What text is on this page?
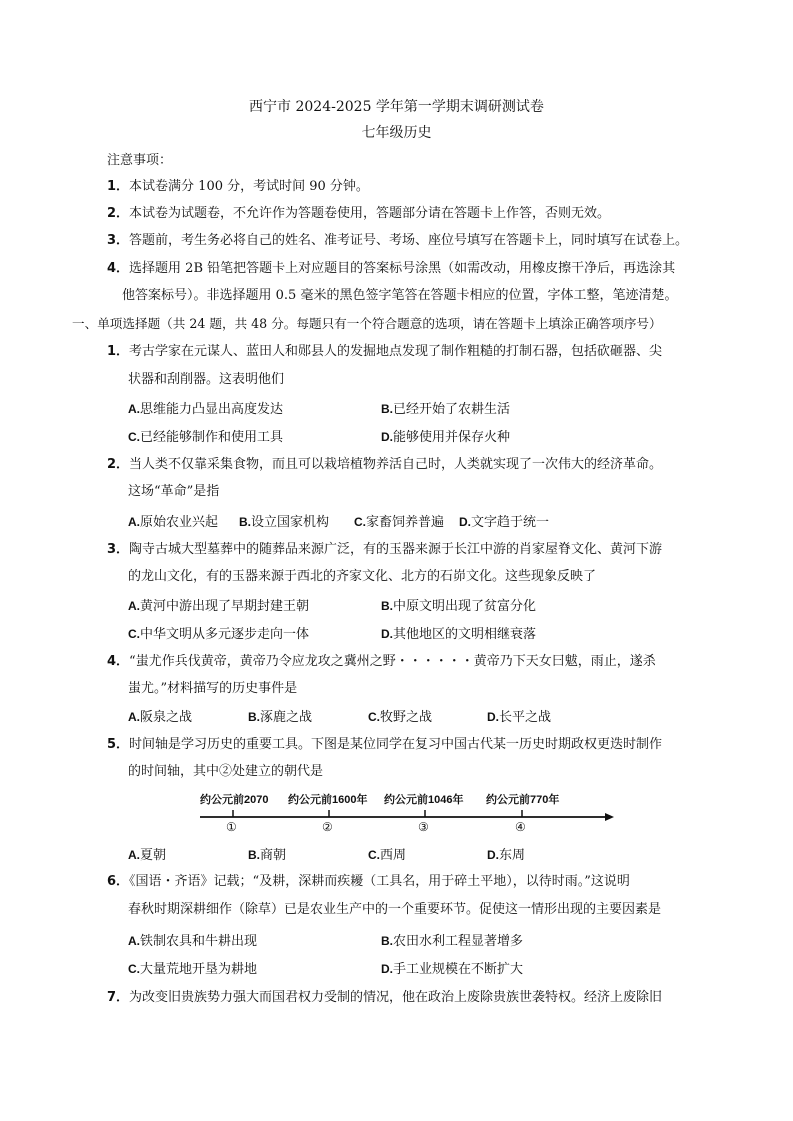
西宁市 2024-2025 学年第一学期末调研测试卷
七年级历史
注意事项：
1．本试卷满分 100 分，考试时间 90 分钟。
2．本试卷为试题卷，不允许作为答题卷使用，答题部分请在答题卡上作答，否则无效。
3．答题前，考生务必将自己的姓名、准考证号、考场、座位号填写在答题卡上，同时填写在试卷上。
4．选择题用 2B 铅笔把答题卡上对应题目的答案标号涂黑（如需改动，用橡皮擦干净后，再选涂其
他答案标号）。非选择题用 0.5 毫米的黑色签字笔答在答题卡相应的位置，字体工整，笔迹清楚。
一、单项选择题（共 24 题，共 48 分。每题只有一个符合题意的选项，请在答题卡上填涂正确答项序号）
1．考古学家在元谋人、蓝田人和郧县人的发掘地点发现了制作粗糙的打制石器，包括砍砸器、尖
状器和刮削器。这表明他们
A.思维能力凸显出高度发达	B.已经开始了农耕生活
C.已经能够制作和使用工具	D.能够使用并保存火种
2．当人类不仅靠采集食物，而且可以栽培植物养活自己时，人类就实现了一次伟大的经济革命。
这场“革命”是指
A.原始农业兴起 B.设立国家机构 C.家畜饲养普遍 D.文字趋于统一
3．陶寺古城大型墓葬中的随葬品来源广泛，有的玉器来源于长江中游的肖家屋脊文化、黄河下游
的龙山文化，有的玉器来源于西北的齐家文化、北方的石峁文化。这些现象反映了
A.黄河中游出现了早期封建王朝	B.中原文明出现了贫富分化
C.中华文明从多元逐步走向一体	D.其他地区的文明相继衰落
4．“蚩尤作兵伐黄帝，黄帝乃令应龙攻之冀州之野・・・・・・黄帝乃下天女曰魃，雨止，遂杀
蚩尤。”材料描写的历史事件是
A.阪泉之战	B.涿鹿之战	C.牧野之战	D.长平之战
5．时间轴是学习历史的重要工具。下图是某位同学在复习中国古代某一历史时期政权更迭时制作
的时间轴，其中②处建立的朝代是
约公元前2070 约公元前1600年 约公元前1046年 约公元前770年
①	②	③	④
A.夏朝	B.商朝	C.西周	D.东周
6．《国语・齐语》记载；“及耕，深耕而疾耰（工具名，用于碎土平地），以待时雨。”这说明
春秋时期深耕细作（除草）已是农业生产中的一个重要环节。促使这一情形出现的主要因素是
A.铁制农具和牛耕出现	B.农田水利工程显著增多
C.大量荒地开垦为耕地	D.手工业规模在不断扩大
7．为改变旧贵族势力强大而国君权力受制的情况，他在政治上废除贵族世袭特权。经济上废除旧
